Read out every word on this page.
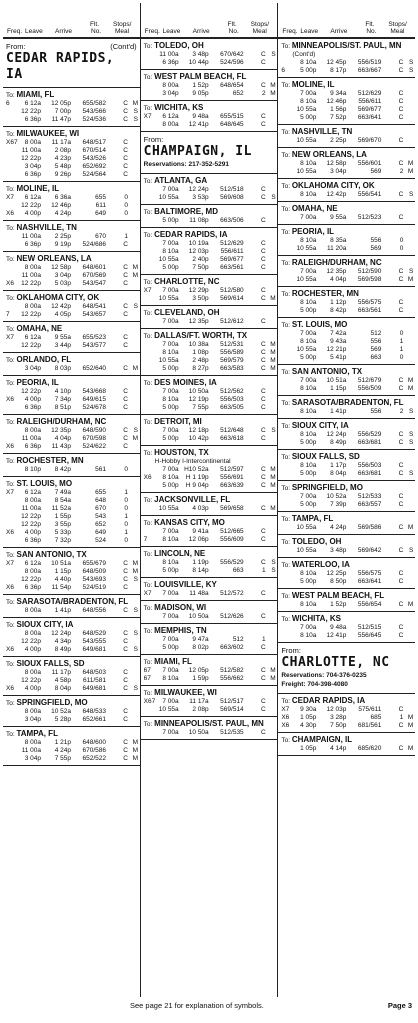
Freq. Leave Arrive
Flt.
No.
Stops/
Meal Freq. Leave Arrive
Flt.
No.
Stops/
Meal Freq. Leave Arrive
Flt.
No.
Stops/
Meal
From:	(Cont'd)
CEDAR RAPIDS, IA
To: MIAMI, FL
6	6 12a	12 05p	655/582	C M
12 22p	7 00p	543/566	C S
6 36p	11 47p	524/536	C S
To: MILWAUKEE, WI
X67	8 00a	11 17a	648/517	C
11 00a	2 08p	670/514	C
12 22p	4 23p	543/526	C
3 04p	5 48p	652/692	C
6 36p	9 26p	524/564	C
To: MOLINE, IL
X7	6 12a	6 36a	655	0
12 22p	12 46p	611	0
X6	4 00p	4 24p	649	0
To: NASHVILLE, TN
11 00a	2 25p	670	1
6 36p	9 19p	524/686	C
To: NEW ORLEANS, LA
8 00a	12 58p	648/601	C M
11 00a	3 04p	670/569	C M
X6	12 22p	5 03p	543/547	C
To: OKLAHOMA CITY, OK
8 00a	12 42p	648/541	C S
7	12 22p	4 05p	543/657	C
To: OMAHA, NE
X7	6 12a	9 55a	655/523	C
12 22p	3 44p	543/577	C
To: ORLANDO, FL
3 04p	8 03p	652/640	C M
To: PEORIA, IL
12 22p	4 10p	543/668	C
X6	4 00p	7 34p	649/615	C
6 36p	8 51p	524/678	C
To: RALEIGH/DURHAM, NC
8 00a	12 35p	648/590	C S
11 00a	4 04p	670/598	C M
X6	6 36p	11 43p	524/622	C
To: ROCHESTER, MN
8 10p	8 42p	561	0
To: ST. LOUIS, MO
X7	6 12a	7 49a	655	1
8 00a	8 54a	648	0
11 00a	11 52a	670	0
12 22p	1 55p	543	1
12 22p	3 55p	652	0
X6	4 00p	5 33p	649	1
6 36p	7 32p	524	0
To: SAN ANTONIO, TX
X7	6 12a	10 51a	655/679	C M
8 00a	1 15p	648/509	C M
12 22p	4 40p	543/693	C S
X6	6 36p	11 54p	524/519	C
To: SARASOTA/BRADENTON, FL
8 00a	1 41p	648/556	C S
To: SIOUX CITY, IA
8 00a	12 24p	648/529	C S
12 22p	4 34p	543/555	C
X6	4 00p	8 49p	649/681	C S
To: SIOUX FALLS, SD
8 00a	11 17p	648/503	C
12 22p	4 58p	611/581	C
X6	4 00p	8 04p	649/681	C S
To: SPRINGFIELD, MO
8 00a	10 52a	648/533	C
3 04p	5 28p	652/661	C
To: TAMPA, FL
8 00a	1 21p	648/600	C M
11 00a	4 24p	670/586	C M
3 04p	7 55p	652/522	C M
To: TOLEDO, OH
11 00a	3 48p	670/642	C S
6 36p	10 44p	524/596	C
To: WEST PALM BEACH, FL
8 00a	1 52p	648/654	C M
3 04p	9 05p	652	2 M
To: WICHITA, KS
X7	6 12a	9 48a	655/515	C
8 00a	12 41p	648/645	C
From:
CHAMPAIGN, IL
Reservations: 217-352-5291
To: ATLANTA, GA
7 00a	12 24p	512/518	C
10 55a	3 53p	569/608	C S
To: BALTIMORE, MD
5 00p	11 08p	663/506	C
To: CEDAR RAPIDS, IA
7 00a	10 19a	512/629	C
8 10a	12 03p	556/611	C
10 55a	2 40p	569/677	C
5 00p	7 50p	663/561	C
To: CHARLOTTE, NC
X7	7 00a	12 29p	512/580	C
10 55a	3 50p	569/614	C M
To: CLEVELAND, OH
7 00a	12 35p	512/612	C
To: DALLAS/FT. WORTH, TX
7 00a	10 38a	512/531	C M
8 10a	1 08p	556/589	C M
10 55a	2 48p	569/579	C M
5 00p	8 27p	663/583	C M
To: DES MOINES, IA
7 00a	10 50a	512/562	C
8 10a	12 19p	556/503	C
5 00p	7 55p	663/505	C
To: DETROIT, MI
7 00a	12 18p	512/648	C S
5 00p	10 42p	663/618	C
To: HOUSTON, TX
H-Hobby I-Intercontinental
7 00a H10 52a	512/597	C M
X6	8 10a	H 1 19p	556/691	C M
5 00p	H 9 04p	663/639	C M
To: JACKSONVILLE, FL
10 55a	4 03p	569/658	C M
To: KANSAS CITY, MO
7 00a	9 41a	512/665	C
7	8 10a	12 06p	556/609	C
To: LINCOLN, NE
8 10a	1 19p	556/529	C S
5 00p	8 14p	663	1 S
To: LOUISVILLE, KY
X7	7 00a	11 48a	512/572	C
To: MADISON, WI
7 00a	10 50a	512/626	C
To: MEMPHIS, TN
7 00a	9 47a	512	1
5 00p	8 02p	663/602	C
To: MIAMI, FL
67	7 00a	12 05p	512/582	C M
67	8 10a	1 59p	556/662	C M
To: MILWAUKEE, WI
X67	7 00a	11 17a	512/517	C
10 55a	2 08p	569/514	C
To: MINNEAPOLIS/ST. PAUL, MN
7 00a	10 50a	512/535	C
To: MINNEAPOLIS/ST. PAUL, MN
(Cont'd)
8 10a	12 45p	556/519	C S
6	5 00p	8 17p	663/667	C S
To: MOLINE, IL
7 00a	9 34a	512/629	C
8 10a	12 46p	556/611	C
10 55a	1 56p	569/677	C
5 00p	7 52p	663/641	C
To: NASHVILLE, TN
10 55a	2 25p	569/670	C
To: NEW ORLEANS, LA
8 10a	12 58p	556/601	C M
10 55a	3 04p	569	2 M
To: OKLAHOMA CITY, OK
8 10a	12 42p	556/541	C S
To: OMAHA, NE
7 00a	9 55a	512/523	C
To: PEORIA, IL
8 10a	8 35a	556	0
10 55a	11 20a	569	0
To: RALEIGH/DURHAM, NC
7 00a	12 35p	512/590	C S
10 55a	4 04p	569/598	C M
To: ROCHESTER, MN
8 10a	1 12p	556/575	C
5 00p	8 42p	663/561	C
To: ST. LOUIS, MO
7 00a	7 42a	512	0
8 10a	9 43a	556	1
10 55a	12 21p	569	1
5 00p	5 41p	663	0
To: SAN ANTONIO, TX
7 00a	10 51a	512/679	C M
8 10a	1 15p	556/509	C M
To: SARASOTA/BRADENTON, FL
8 10a	1 41p	556	2 S
To: SIOUX CITY, IA
8 10a	12 24p	556/529	C S
5 00p	8 49p	663/681	C S
To: SIOUX FALLS, SD
8 10a	1 17p	556/503	C
5 00p	8 04p	663/681	C S
To: SPRINGFIELD, MO
7 00a	10 52a	512/533	C
5 00p	7 39p	663/557	C
To: TAMPA, FL
10 55a	4 24p	569/586	C M
To: TOLEDO, OH
10 55a	3 48p	569/642	C S
To: WATERLOO, IA
8 10a	12 25p	556/575	C
5 00p	8 50p	663/641	C
To: WEST PALM BEACH, FL
8 10a	1 52p	556/654	C M
To: WICHITA, KS
7 00a	9 48a	512/515	C
8 10a	12 41p	556/645	C
From:
CHARLOTTE, NC
Reservations: 704-376-0235
Freight: 704-398-4080
To: CEDAR RAPIDS, IA
X7	9 30a	12 03p	575/611	C
X6	1 05p	3 28p	685	1 M
X6	4 30p	7 50p	681/561	C M
To: CHAMPAIGN, IL
1 05p	4 14p	685/620	C M
See page 21 for explanation of symbols.	Page 3
